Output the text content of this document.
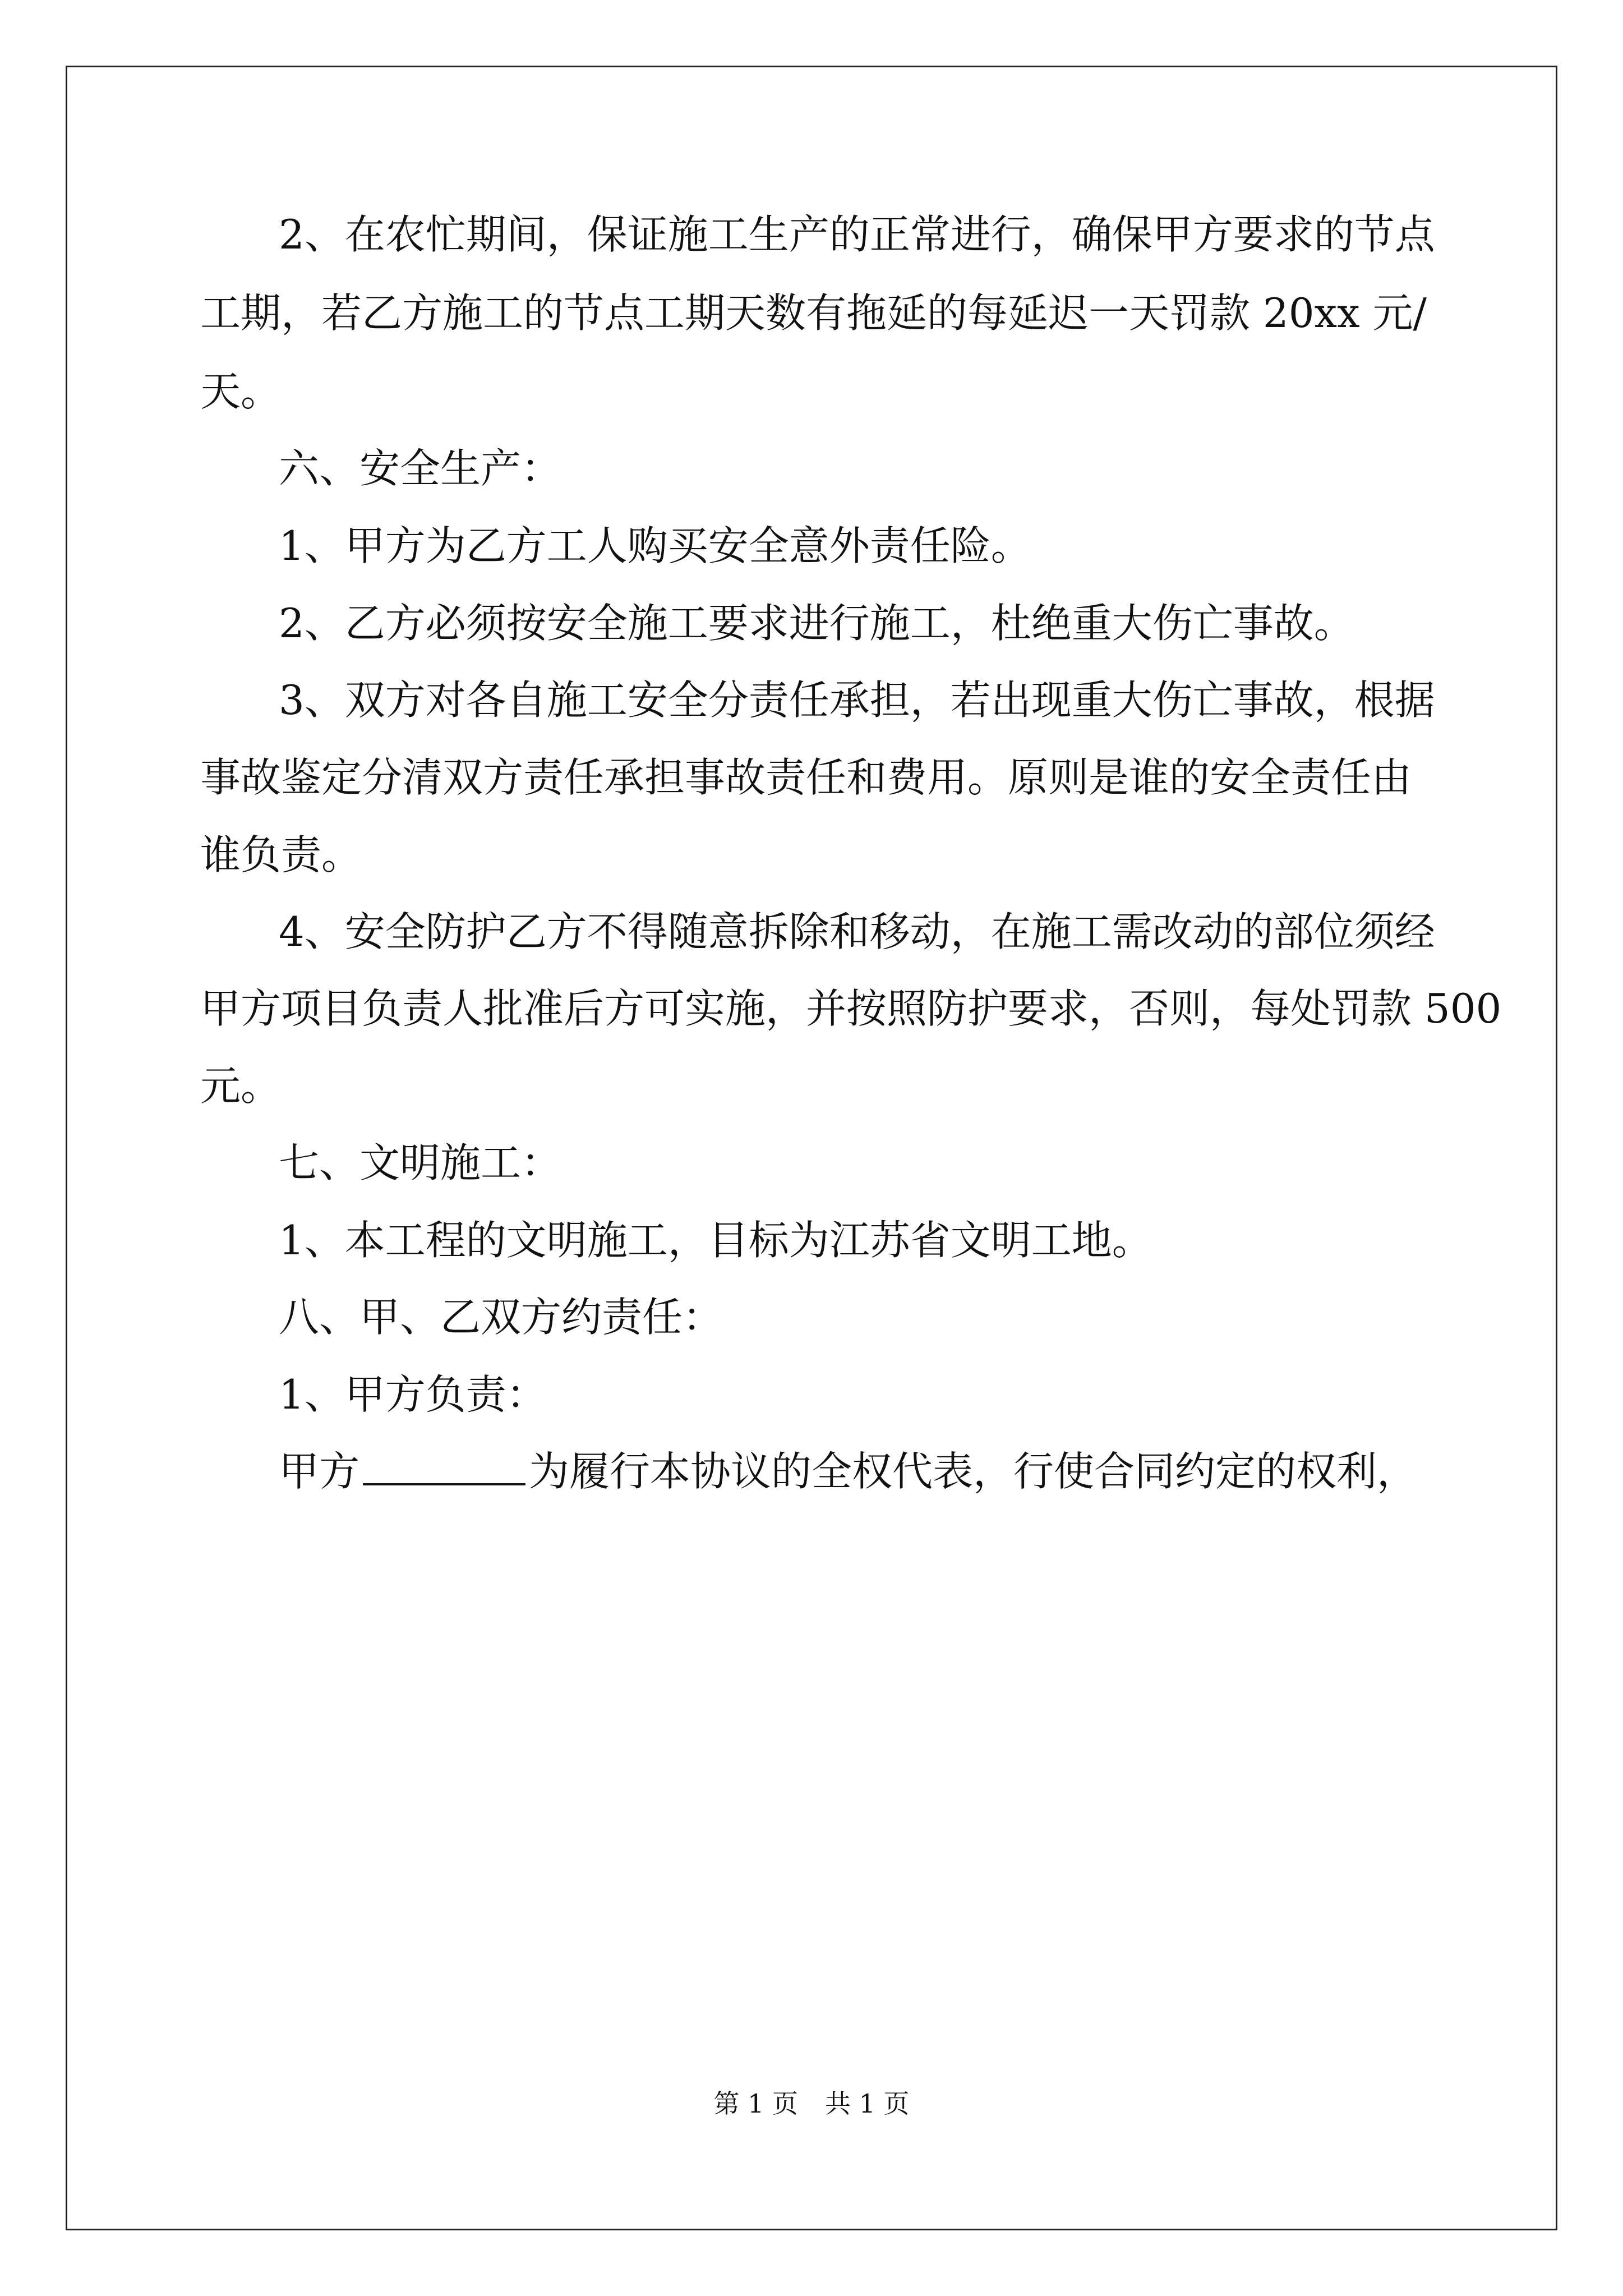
2、在农忙期间，保证施工生产的正常进行，确保甲方要求的节点
工期，若乙方施工的节点工期天数有拖延的每延迟一天罚款 20xx 元/
天。
六、安全生产：
1、甲方为乙方工人购买安全意外责任险。
2、乙方必须按安全施工要求进行施工，杜绝重大伤亡事故。
3、双方对各自施工安全分责任承担，若出现重大伤亡事故，根据
事故鉴定分清双方责任承担事故责任和费用。原则是谁的安全责任由
谁负责。
4、安全防护乙方不得随意拆除和移动，在施工需改动的部位须经
甲方项目负责人批准后方可实施，并按照防护要求，否则，每处罚款 500
元。
七、文明施工：
1、本工程的文明施工，目标为江苏省文明工地。
八、甲、乙双方约责任：
1、甲方负责：
甲方	为履行本协议的全权代表，行使合同约定的权利，
第 1 页 共 1 页
